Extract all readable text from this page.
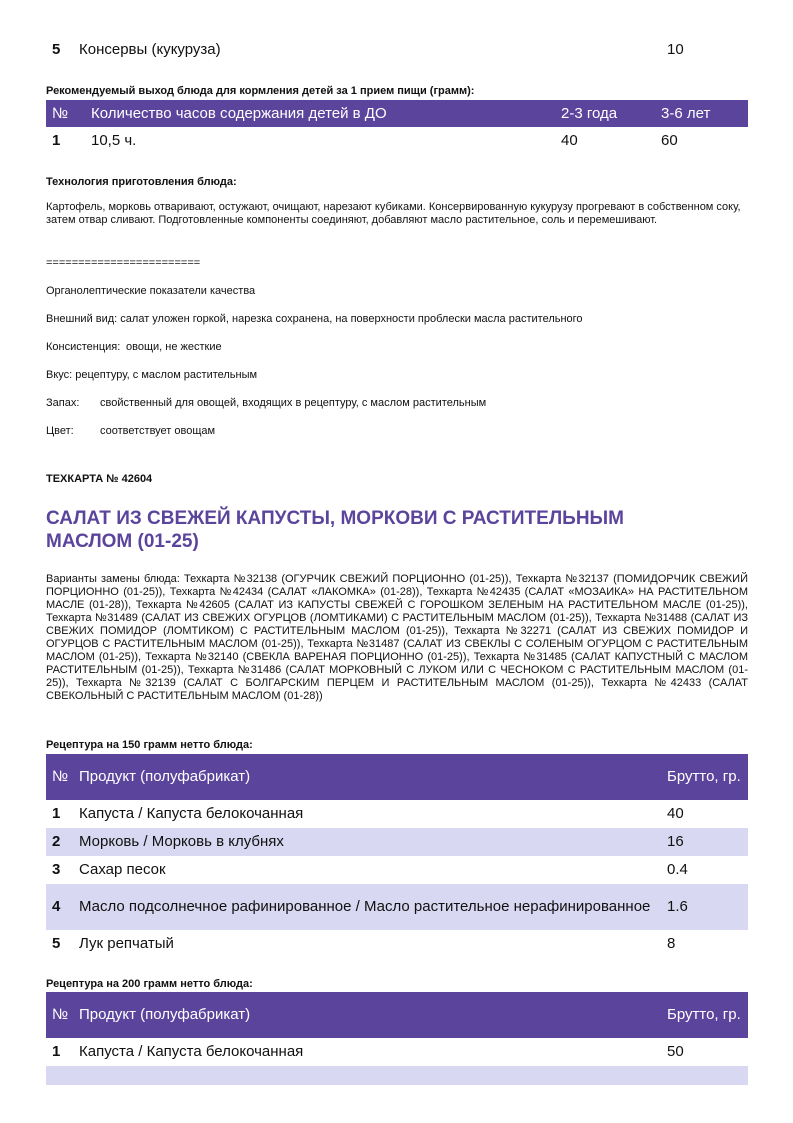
5	Консервы (кукуруза)	10
Рекомендуемый выход блюда для кормления детей за 1 прием пищи (грамм):
№	Количество часов содержания детей в ДО	2-3 года	3-6 лет
1	10,5 ч.	40	60
Технология приготовления блюда:
Картофель, морковь отваривают, остужают, очищают, нарезают кубиками. Консервированную кукурузу прогревают в собственном соку, затем отвар сливают. Подготовленные компоненты соединяют, добавляют масло растительное, соль и перемешивают.
========================
Органолептические показатели качества
Внешний вид: салат уложен горкой, нарезка сохранена, на поверхности проблески масла растительного
Консистенция: овощи, не жесткие
Вкус: рецептуру, с маслом растительным
Запах: свойственный для овощей, входящих в рецептуру, с маслом растительным
Цвет: соответствует овощам
ТЕХКАРТА № 42604
САЛАТ ИЗ СВЕЖЕЙ КАПУСТЫ, МОРКОВИ С РАСТИТЕЛЬНЫМ МАСЛОМ (01-25)
Варианты замены блюда: Техкарта №32138 (ОГУРЧИК СВЕЖИЙ ПОРЦИОННО (01-25)), Техкарта №32137 (ПОМИДОРЧИК СВЕЖИЙ ПОРЦИОННО (01-25)), Техкарта №42434 (САЛАТ «ЛАКОМКА» (01-28)), Техкарта №42435 (САЛАТ «МОЗАИКА» НА РАСТИТЕЛЬНОМ МАСЛЕ (01-28)), Техкарта №42605 (САЛАТ ИЗ КАПУСТЫ СВЕЖЕЙ С ГОРОШКОМ ЗЕЛЕНЫМ НА РАСТИТЕЛЬНОМ МАСЛЕ (01-25)), Техкарта №31489 (САЛАТ ИЗ СВЕЖИХ ОГУРЦОВ (ЛОМТИКАМИ) С РАСТИТЕЛЬНЫМ МАСЛОМ (01-25)), Техкарта №31488 (САЛАТ ИЗ СВЕЖИХ ПОМИДОР (ЛОМТИКОМ) С РАСТИТЕЛЬНЫМ МАСЛОМ (01-25)), Техкарта №32271 (САЛАТ ИЗ СВЕЖИХ ПОМИДОР И ОГУРЦОВ С РАСТИТЕЛЬНЫМ МАСЛОМ (01-25)), Техкарта №31487 (САЛАТ ИЗ СВЕКЛЫ С СОЛЕНЫМ ОГУРЦОМ С РАСТИТЕЛЬНЫМ МАСЛОМ (01-25)), Техкарта №32140 (СВЕКЛА ВАРЕНАЯ ПОРЦИОННО (01-25)), Техкарта №31485 (САЛАТ КАПУСТНЫЙ С МАСЛОМ РАСТИТЕЛЬНЫМ (01-25)), Техкарта №31486 (САЛАТ МОРКОВНЫЙ С ЛУКОМ ИЛИ С ЧЕСНОКОМ С РАСТИТЕЛЬНЫМ МАСЛОМ (01-25)), Техкарта №32139 (САЛАТ С БОЛГАРСКИМ ПЕРЦЕМ И РАСТИТЕЛЬНЫМ МАСЛОМ (01-25)), Техкарта №42433 (САЛАТ СВЕКОЛЬНЫЙ С РАСТИТЕЛЬНЫМ МАСЛОМ (01-28))
Рецептура на 150 грамм нетто блюда:
№	Продукт (полуфабрикат)	Брутто, гр.
1	Капуста / Капуста белокочанная	40
2	Морковь / Морковь в клубнях	16
3	Сахар песок	0.4
4	Масло подсолнечное рафинированное / Масло растительное нерафинированное	1.6
5	Лук репчатый	8
Рецептура на 200 грамм нетто блюда:
№	Продукт (полуфабрикат)	Брутто, гр.
1	Капуста / Капуста белокочанная	50
